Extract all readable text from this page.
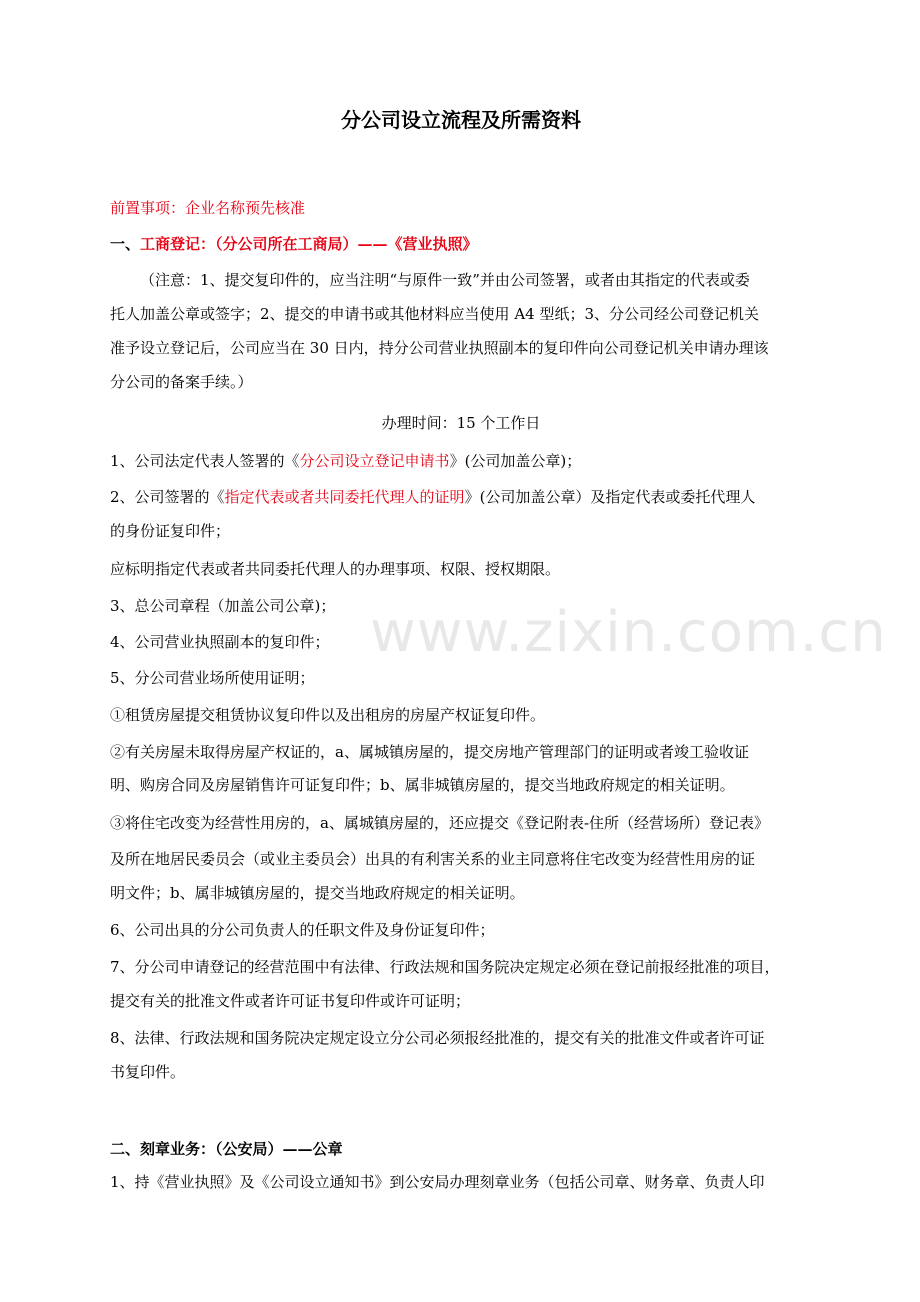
分公司设立流程及所需资料
前置事项：企业名称预先核准
一、工商登记：（分公司所在工商局）——《营业执照》
（注意：1、提交复印件的，应当注明“与原件一致”并由公司签署，或者由其指定的代表或委
托人加盖公章或签字；2、提交的申请书或其他材料应当使用 A4 型纸；3、分公司经公司登记机关
准予设立登记后，公司应当在 30 日内，持分公司营业执照副本的复印件向公司登记机关申请办理该
分公司的备案手续。）
办理时间：15 个工作日
1、公司法定代表人签署的《分公司设立登记申请书》(公司加盖公章)；
2、公司签署的《指定代表或者共同委托代理人的证明》(公司加盖公章）及指定代表或委托代理人
的身份证复印件；
应标明指定代表或者共同委托代理人的办理事项、权限、授权期限。
3、总公司章程（加盖公司公章)；
4、公司营业执照副本的复印件；
5、分公司营业场所使用证明；
①租赁房屋提交租赁协议复印件以及出租房的房屋产权证复印件。
②有关房屋未取得房屋产权证的，a、属城镇房屋的，提交房地产管理部门的证明或者竣工验收证
明、购房合同及房屋销售许可证复印件；b、属非城镇房屋的，提交当地政府规定的相关证明。
③将住宅改变为经营性用房的，a、属城镇房屋的，还应提交《登记附表-住所（经营场所）登记表》
及所在地居民委员会（或业主委员会）出具的有利害关系的业主同意将住宅改变为经营性用房的证
明文件；b、属非城镇房屋的，提交当地政府规定的相关证明。
6、公司出具的分公司负责人的任职文件及身份证复印件；
7、分公司申请登记的经营范围中有法律、行政法规和国务院决定规定必须在登记前报经批准的项目，
提交有关的批准文件或者许可证书复印件或许可证明；
8、法律、行政法规和国务院决定规定设立分公司必须报经批准的，提交有关的批准文件或者许可证
书复印件。
二、刻章业务：（公安局）——公章
1、持《营业执照》及《公司设立通知书》到公安局办理刻章业务（包括公司章、财务章、负责人印
www.zixin.com.cn
